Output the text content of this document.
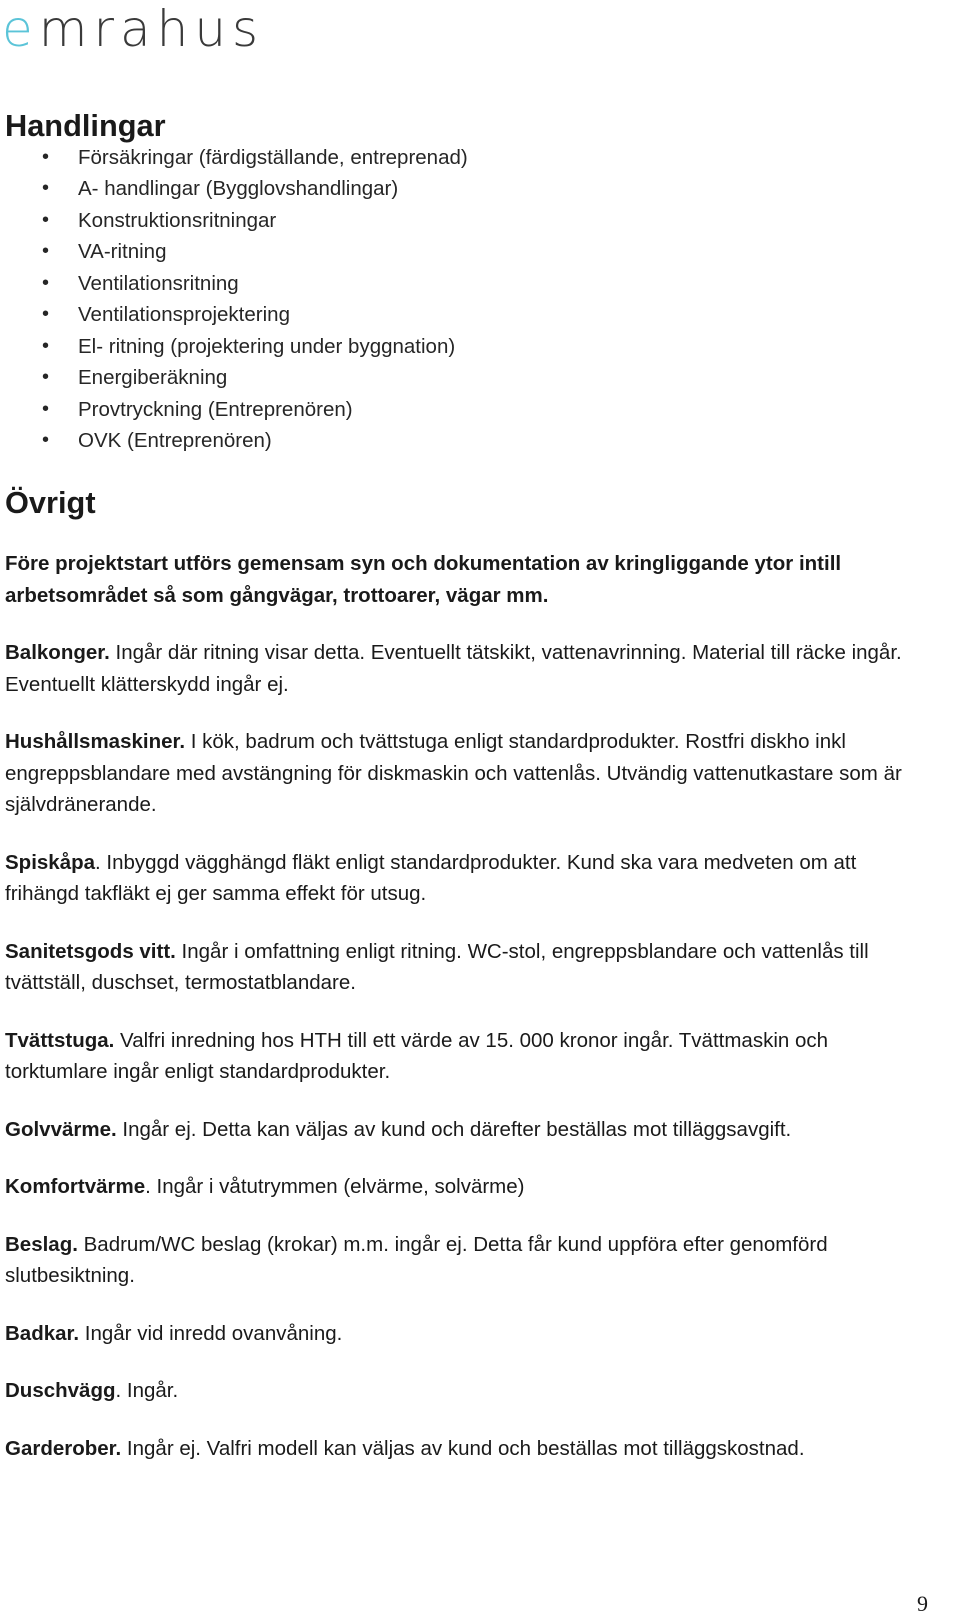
emrahus
Handlingar
• Försäkringar (färdigställande, entreprenad)
• A- handlingar (Bygglovshandlingar)
• Konstruktionsritningar
• VA-ritning
• Ventilationsritning
• Ventilationsprojektering
• El- ritning (projektering under byggnation)
• Energiberäkning
• Provtryckning (Entreprenören)
• OVK (Entreprenören)
Övrigt

Före projektstart utförs gemensam syn och dokumentation av kringliggande ytor intill arbetsområdet så som gångvägar, trottoarer, vägar mm.

Balkonger. Ingår där ritning visar detta. Eventuellt tätskikt, vattenavrinning. Material till räcke ingår. Eventuellt klätterskydd ingår ej.

Hushållsmaskiner. I kök, badrum och tvättstuga enligt standardprodukter. Rostfri diskho inkl engreppsblandare med avstängning för diskmaskin och vattenlås. Utvändig vattenutkastare som är självdränerande.

Spiskåpa. Inbyggd vägghängd fläkt enligt standardprodukter. Kund ska vara medveten om att frihängd takfläkt ej ger samma effekt för utsug.

Sanitetsgods vitt. Ingår i omfattning enligt ritning. WC-stol, engreppsblandare och vattenlås till tvättställ, duschset, termostatblandare.

Tvättstuga. Valfri inredning hos HTH till ett värde av 15. 000 kronor ingår. Tvättmaskin och torktumlare ingår enligt standardprodukter.

Golvvärme. Ingår ej. Detta kan väljas av kund och därefter beställas mot tilläggsavgift.

Komfortvärme. Ingår i våtutrymmen (elvärme, solvärme)

Beslag. Badrum/WC beslag (krokar) m.m. ingår ej. Detta får kund uppföra efter genomförd slutbesiktning.

Badkar. Ingår vid inredd ovanvåning.

Duschvägg. Ingår.

Garderober. Ingår ej. Valfri modell kan väljas av kund och beställas mot tilläggskostnad.

9
